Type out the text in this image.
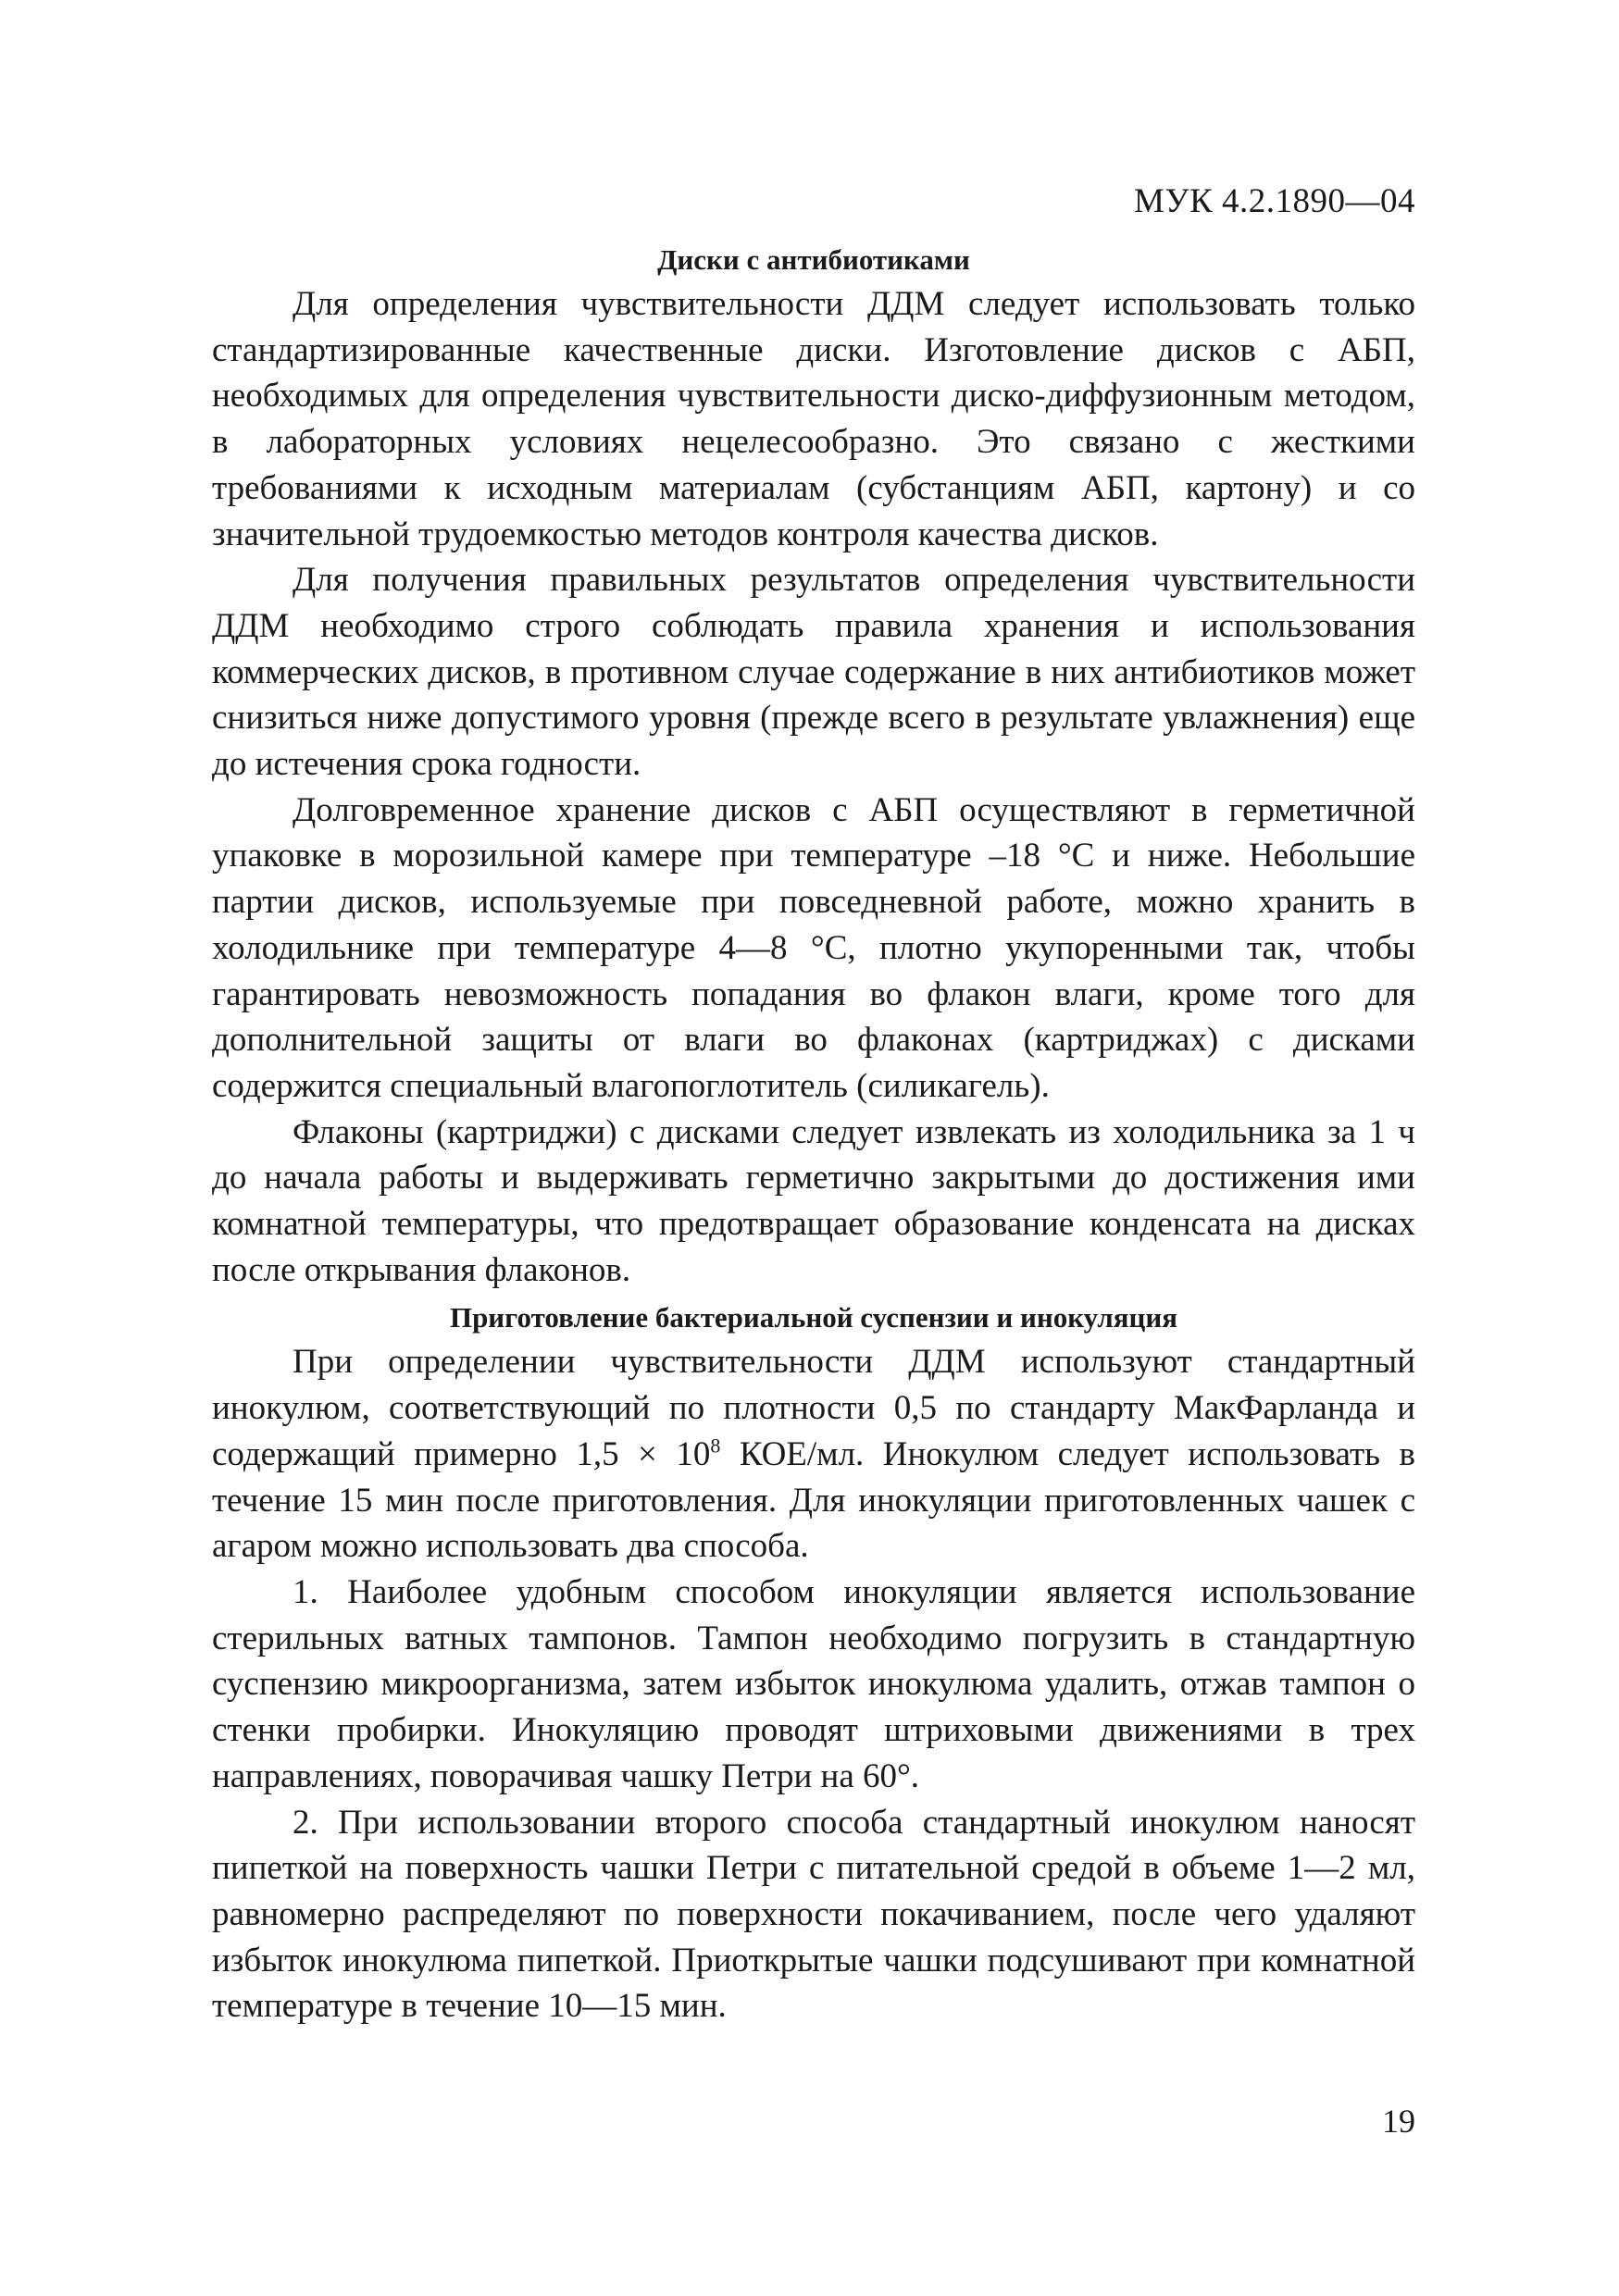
МУК 4.2.1890—04
Диски с антибиотиками

Для определения чувствительности ДДМ следует использовать только стандартизированные качественные диски. Изготовление дисков с АБП, необходимых для определения чувствительности диско-диффузионным методом, в лабораторных условиях нецелесообразно. Это связано с жесткими требованиями к исходным материалам (субстанциям АБП, картону) и со значительной трудоемкостью методов контроля качества дисков.

Для получения правильных результатов определения чувствительности ДДМ необходимо строго соблюдать правила хранения и использования коммерческих дисков, в противном случае содержание в них антибиотиков может снизиться ниже допустимого уровня (прежде всего в результате увлажнения) еще до истечения срока годности.

Долговременное хранение дисков с АБП осуществляют в герметичной упаковке в морозильной камере при температуре –18 °С и ниже. Небольшие партии дисков, используемые при повседневной работе, можно хранить в холодильнике при температуре 4—8 °С, плотно укупоренными так, чтобы гарантировать невозможность попадания во флакон влаги, кроме того для дополнительной защиты от влаги во флаконах (картриджах) с дисками содержится специальный влагопоглотитель (силикагель).

Флаконы (картриджи) с дисками следует извлекать из холодильника за 1 ч до начала работы и выдерживать герметично закрытыми до достижения ими комнатной температуры, что предотвращает образование конденсата на дисках после открывания флаконов.

Приготовление бактериальной суспензии и инокуляция

При определении чувствительности ДДМ используют стандартный инокулюм, соответствующий по плотности 0,5 по стандарту МакФарланда и содержащий примерно $1,5 \times 10^8$ КОЕ/мл. Инокулюм следует использовать в течение 15 мин после приготовления. Для инокуляции приготовленных чашек с агаром можно использовать два способа.

1. Наиболее удобным способом инокуляции является использование стерильных ватных тампонов. Тампон необходимо погрузить в стандартную суспензию микроорганизма, затем избыток инокулюма удалить, отжав тампон о стенки пробирки. Инокуляцию проводят штриховыми движениями в трех направлениях, поворачивая чашку Петри на 60°.

2. При использовании второго способа стандартный инокулюм наносят пипеткой на поверхность чашки Петри с питательной средой в объеме 1—2 мл, равномерно распределяют по поверхности покачиванием, после чего удаляют избыток инокулюма пипеткой. Приоткрытые чашки подсушивают при комнатной температуре в течение 10—15 мин.

19
